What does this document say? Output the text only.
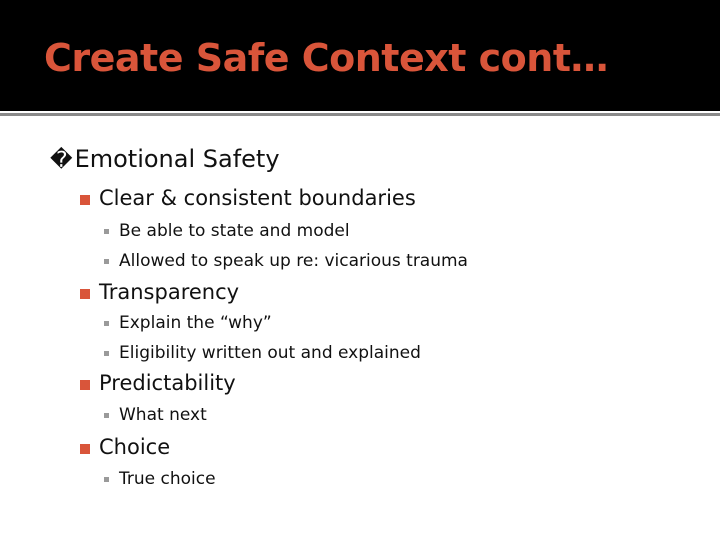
Create Safe Context cont…
�Emotional Safety
Clear & consistent boundaries
Be able to state and model
Allowed to speak up re: vicarious trauma
Transparency
Explain the “why”
Eligibility written out and explained
Predictability
What next
Choice
True choice
